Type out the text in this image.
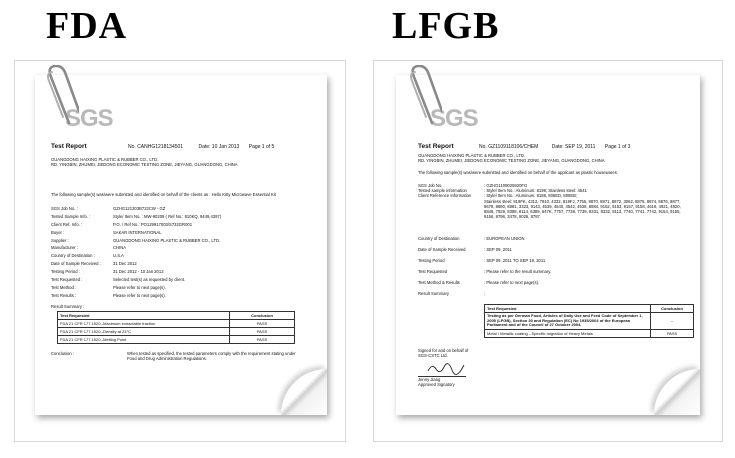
FDA	LFGB
SGS
Test Report	No. CANHG1218134501	Date: 10 Jan 2013 Page 1 of 5
GUANGDONG HAIXING PLASTIC & RUBBER CO., LTD.
RD. YINGBIN, ZHUMEI, JIEDONG ECONOMIC TESTING ZONE, JIEYANG, GUANGDONG, CHINA
The following sample(s) was/were submitted and identified on behalf of the clients as : Hello Kitty Microwave Essential Kit
SGS Job No. :	GZHG121203B722CW - GZ
Tested Sample Info. :	Style/ Item No. : MW-90209 ( Ref No.: 810KQ, 9449,4397)
Client Ref. Info. :	P.O. / Ref No.: PO129917003/S732GR001
Buyer :	SAKAR INTERNATIONAL
Supplier :	GUANGDONG HAIXING PLASTIC & RUBBER CO., LTD.
Manufacturer :	CHINA
Country of Destination :	U.S.A
Date of Sample Received :	31 Dec 2012
Testing Period :	31 Dec 2012 - 10 Jan 2013
Test Requested :	Selected test(s) as requested by client.
Test Method :	Please refer to next page(s).
Test Results :	Please refer to next page(s).
Result Summary :
Test Requested	Conclusion
FDA 21 CFR 177.1520--Maximum extractable fraction	PASS
FDA 21 CFR 177.1520--Density at 23°C	PASS
FDA 21 CFR 177.1520--Melting Point	PASS
Conclusion :	When tested as specified, the tested parameters comply with the requirement stating under Food and Drug Administration Regulations.
SGS
Test Report	No. GZ1109118106/CHEM	Date: SEP 19, 2011 Page 1 of 3
GUANGDONG HAIXING PLASTIC & RUBBER CO., LTD.
RD. YINGBIN, ZHUMEI, JIEDONG ECONOMIC TESTING ZONE, JIEYANG, GUANGDONG, CHINA
The following sample(s) was/were submitted and identified on behalf of the applicant as plastic housewares
SGS Job No.	: GZHG1109025920FG
Tested sample information	: Stylel Item No.: Aluminum: 8199; Stainless steel: 4541
Client Reference Information	: Stylel Item No.: Aluminum: 8188, 806ED, 806EB;
Stainless steel: 819FK, 4312, 7910, 4332, 819FJ, 7755, 8870, 8871, 8872, 3062, 8875, 8874, 8876, 8877, 8678, 8880, 8881, 3323, 9143, 4539, 4540, 4542, 4538, 8884, 9152, 9153, 9157, 9158, 4619, 4921, 4920, 8848, 7929, 8388, 8114, 6389, 647K, 7757, 7738, 7739, 8331, 8332, 8113, 7740, 7741, 7742, 9154, 9155, 9156, 8796, 3478, 9026, 8787
Country of Destination	: EUROPEAN UNION
Date of Sample Received	: SEP 09, 2011
Testing Period	: SEP 09, 2011 TO SEP 19, 2011
Test Requested	: Please refer to the result summary.
Test Method & Results	: Please refer to next page(s).
Result Summary	:
Test Requested	Conclusion
Testing as per German Food, Articles of Daily Use and Feed Code of September 1, 2005 (LFGB), Section 30 and Regulation (EC) No 1935/2004 of the European Parliament and of the Council of 27 October 2004.	--
Metal / Metallic coating --Specific migration of Heavy Metals	PASS
Signed for and on behalf of
SGS-CSTC Ltd.
Jenny Jiang
Approved Signatory
